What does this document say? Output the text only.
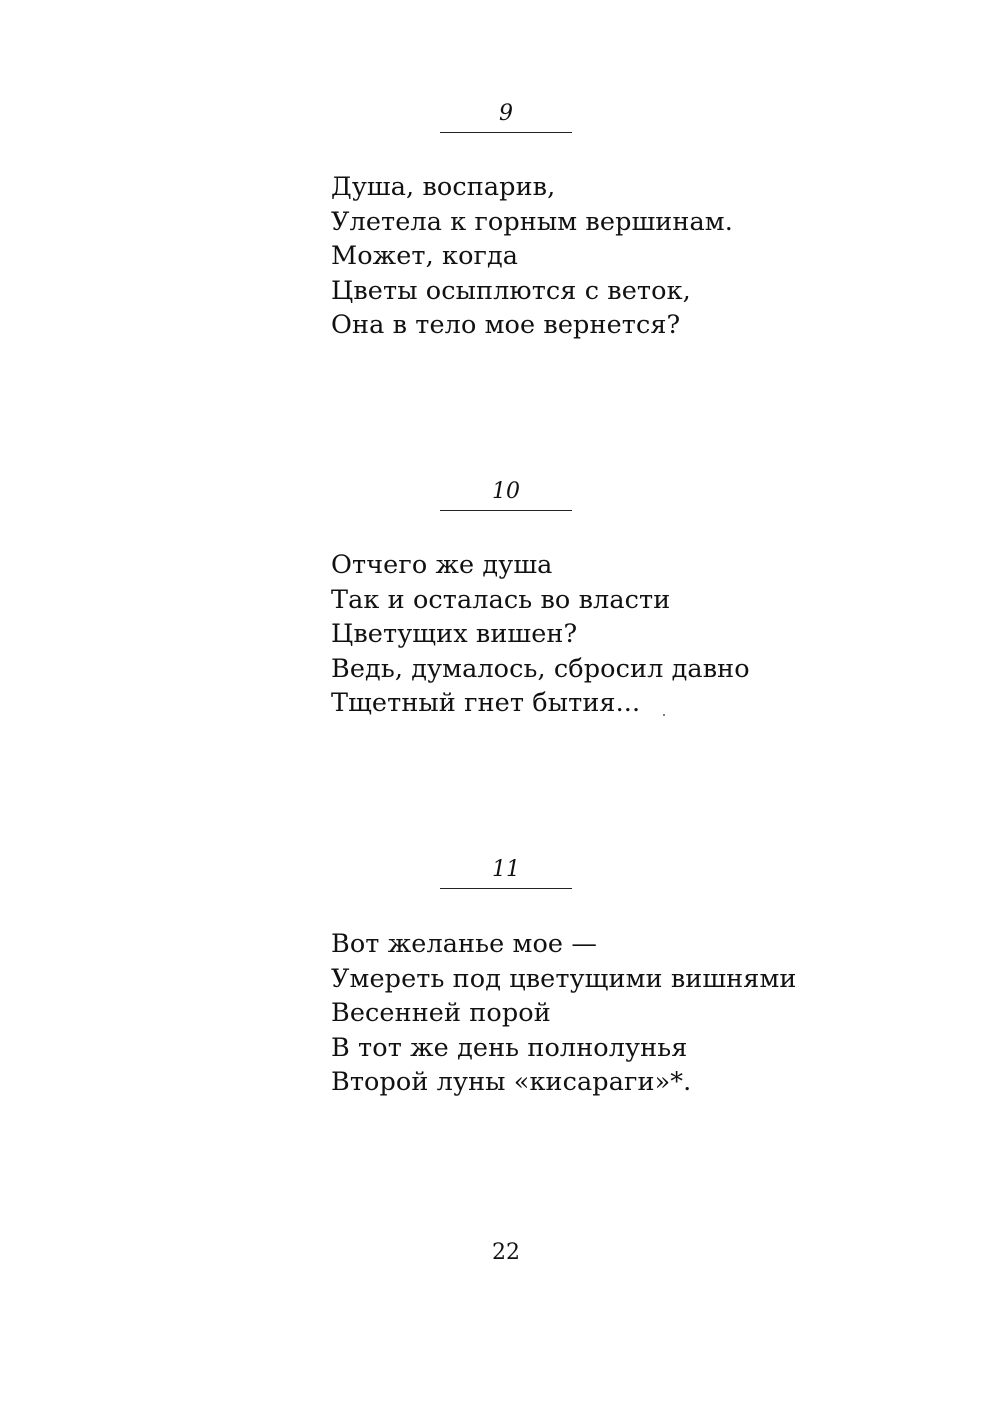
9
Душа, воспарив,
Улетела к горным вершинам.
Может, когда
Цветы осыплются с веток,
Она в тело мое вернется?
10
Отчего же душа
Так и осталась во власти
Цветущих вишен?
Ведь, думалось, сбросил давно
Тщетный гнет бытия...
11
Вот желанье мое —
Умереть под цветущими вишнями
Весенней порой
В тот же день полнолунья
Второй луны «кисараги»*.
22
